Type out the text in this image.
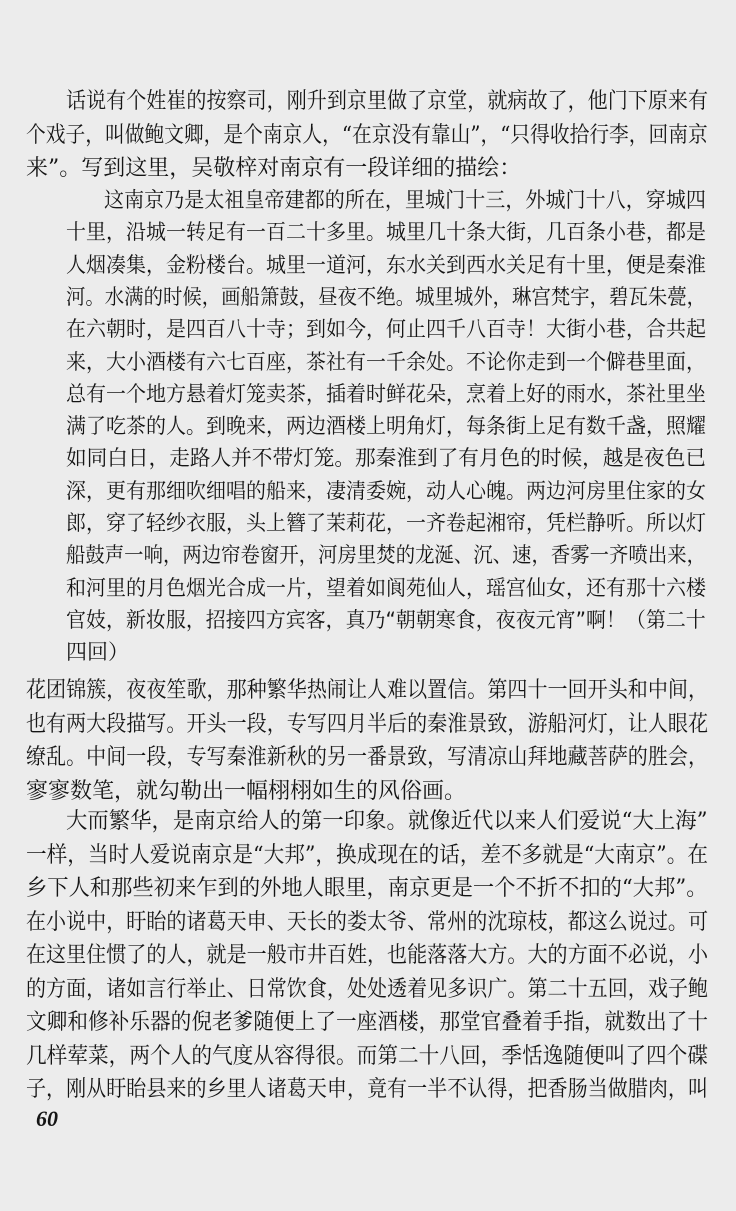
话说有个姓崔的按察司，刚升到京里做了京堂，就病故了，他门下原来有
个戏子，叫做鲍文卿，是个南京人，“在京没有靠山”，“只得收拾行李，回南京
来”。写到这里，吴敬梓对南京有一段详细的描绘：
这南京乃是太祖皇帝建都的所在，里城门十三，外城门十八，穿城四
十里，沿城一转足有一百二十多里。城里几十条大街，几百条小巷，都是
人烟凑集，金粉楼台。城里一道河，东水关到西水关足有十里，便是秦淮
河。水满的时候，画船箫鼓，昼夜不绝。城里城外，琳宫梵宇，碧瓦朱甍，
在六朝时，是四百八十寺；到如今，何止四千八百寺！大街小巷，合共起
来，大小酒楼有六七百座，茶社有一千余处。不论你走到一个僻巷里面，
总有一个地方悬着灯笼卖茶，插着时鲜花朵，烹着上好的雨水，茶社里坐
满了吃茶的人。到晚来，两边酒楼上明角灯，每条街上足有数千盏，照耀
如同白日，走路人并不带灯笼。那秦淮到了有月色的时候，越是夜色已
深，更有那细吹细唱的船来，凄清委婉，动人心魄。两边河房里住家的女
郎，穿了轻纱衣服，头上簪了茉莉花，一齐卷起湘帘，凭栏静听。所以灯
船鼓声一响，两边帘卷窗开，河房里焚的龙涎、沉、速，香雾一齐喷出来，
和河里的月色烟光合成一片，望着如阆苑仙人，瑶宫仙女，还有那十六楼
官妓，新妆服，招接四方宾客，真乃“朝朝寒食，夜夜元宵”啊！（第二十
四回）
花团锦簇，夜夜笙歌，那种繁华热闹让人难以置信。第四十一回开头和中间，
也有两大段描写。开头一段，专写四月半后的秦淮景致，游船河灯，让人眼花
缭乱。中间一段，专写秦淮新秋的另一番景致，写清凉山拜地藏菩萨的胜会，
寥寥数笔，就勾勒出一幅栩栩如生的风俗画。
大而繁华，是南京给人的第一印象。就像近代以来人们爱说“大上海”
一样，当时人爱说南京是“大邦”，换成现在的话，差不多就是“大南京”。在
乡下人和那些初来乍到的外地人眼里，南京更是一个不折不扣的“大邦”。
在小说中，盱眙的诸葛天申、天长的娄太爷、常州的沈琼枝，都这么说过。可
在这里住惯了的人，就是一般市井百姓，也能落落大方。大的方面不必说，小
的方面，诸如言行举止、日常饮食，处处透着见多识广。第二十五回，戏子鲍
文卿和修补乐器的倪老爹随便上了一座酒楼，那堂官叠着手指，就数出了十
几样荤菜，两个人的气度从容得很。而第二十八回，季恬逸随便叫了四个碟
子，刚从盱眙县来的乡里人诸葛天申，竟有一半不认得，把香肠当做腊肉，叫
60
